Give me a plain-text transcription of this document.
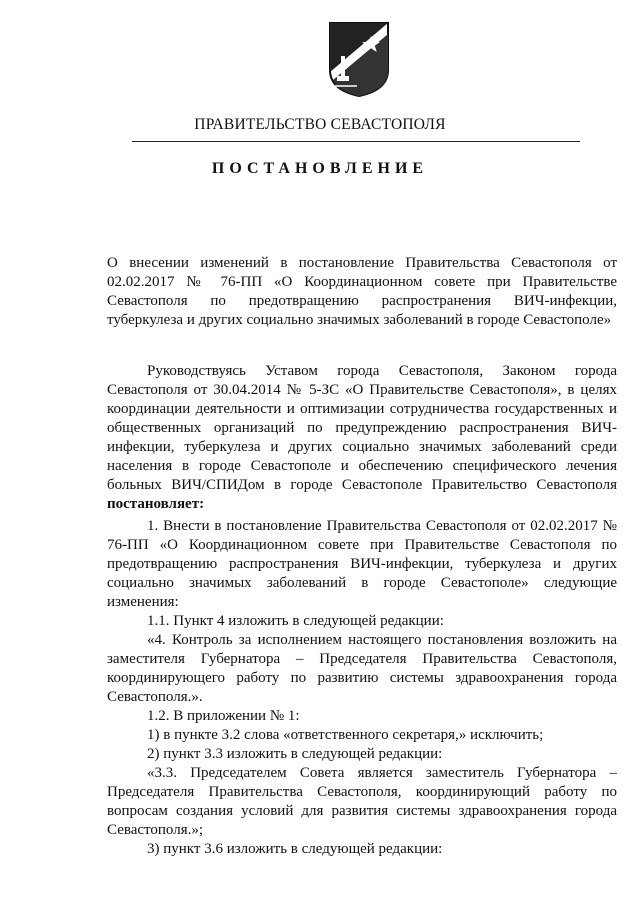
ПРАВИТЕЛЬСТВО СЕВАСТОПОЛЯ
ПОСТАНОВЛЕНИЕ

О внесении изменений в постановление Правительства Севастополя от 02.02.2017 № 76-ПП «О Координационном совете при Правительстве Севастополя по предотвращению распространения ВИЧ-инфекции, туберкулеза и других социально значимых заболеваний в городе Севастополе»

Руководствуясь Уставом города Севастополя, Законом города Севастополя от 30.04.2014 № 5-ЗС «О Правительстве Севастополя», в целях координации деятельности и оптимизации сотрудничества государственных и общественных организаций по предупреждению распространения ВИЧ-инфекции, туберкулеза и других социально значимых заболеваний среди населения в городе Севастополе и обеспечению специфического лечения больных ВИЧ/СПИДом в городе Севастополе Правительство Севастополя постановляет:

1. Внести в постановление Правительства Севастополя от 02.02.2017 № 76-ПП «О Координационном совете при Правительстве Севастополя по предотвращению распространения ВИЧ-инфекции, туберкулеза и других социально значимых заболеваний в городе Севастополе» следующие изменения:

1.1. Пункт 4 изложить в следующей редакции:

«4. Контроль за исполнением настоящего постановления возложить на заместителя Губернатора – Председателя Правительства Севастополя, координирующего работу по развитию системы здравоохранения города Севастополя.».

1.2. В приложении № 1:

1) в пункте 3.2 слова «ответственного секретаря,» исключить;

2) пункт 3.3 изложить в следующей редакции:

«3.3. Председателем Совета является заместитель Губернатора – Председателя Правительства Севастополя, координирующий работу по вопросам создания условий для развития системы здравоохранения города Севастополя.»;

3) пункт 3.6 изложить в следующей редакции:
